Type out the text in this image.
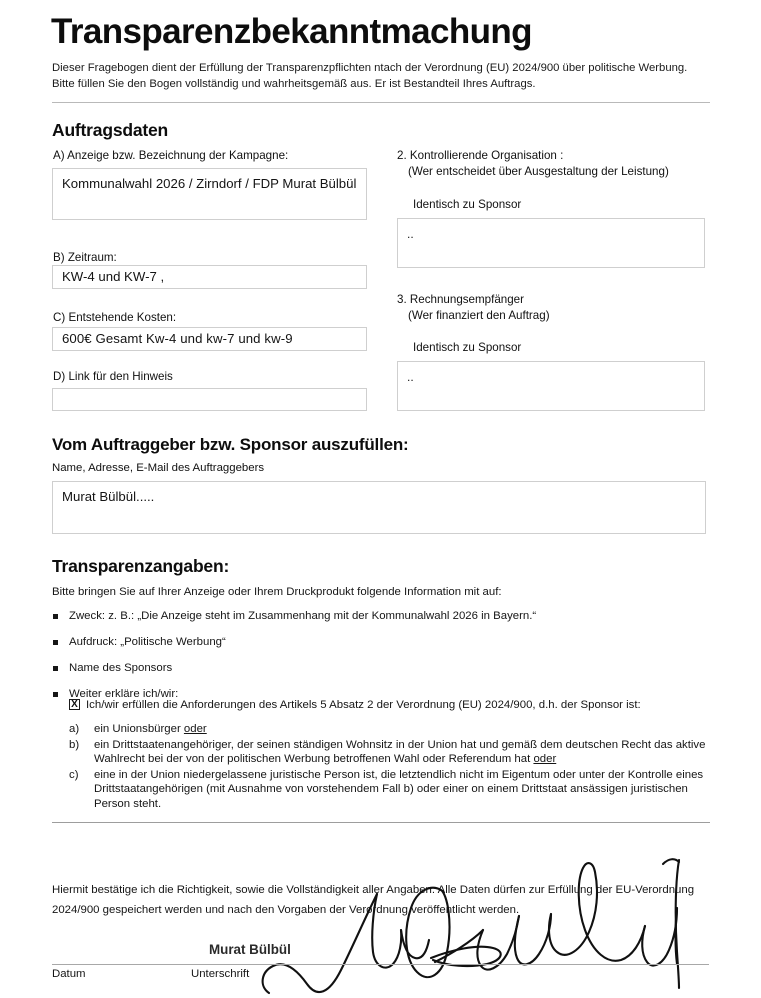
Transparenzbekanntmachung
Dieser Fragebogen dient der Erfüllung der Transparenzpflichten ntach der Verordnung (EU) 2024/900 über politische Werbung. Bitte füllen Sie den Bogen vollständig und wahrheitsgemäß aus. Er ist Bestandteil Ihres Auftrags.
Auftragsdaten
A) Anzeige bzw. Bezeichnung der Kampagne:
Kommunalwahl 2026 / Zirndorf / FDP Murat Bülbül
B) Zeitraum:
KW-4 und KW-7 ,
C) Entstehende Kosten:
600€ Gesamt Kw-4 und kw-7 und kw-9
D) Link für den Hinweis
2. Kontrollierende Organisation :
(Wer entscheidet über Ausgestaltung der Leistung)
Identisch zu Sponsor
..
3. Rechnungsempfänger
(Wer finanziert den Auftrag)
Identisch zu Sponsor
..
Vom Auftraggeber bzw. Sponsor auszufüllen:
Name, Adresse, E-Mail des Auftraggebers
Murat Bülbül.....
Transparenzangaben:
Bitte bringen Sie auf Ihrer Anzeige oder Ihrem Druckprodukt folgende Information mit auf:
Zweck: z. B.: „Die Anzeige steht im Zusammenhang mit der Kommunalwahl 2026 in Bayern.“
Aufdruck: „Politische Werbung“
Name des Sponsors
Weiter erkläre ich/wir:
X Ich/wir erfüllen die Anforderungen des Artikels 5 Absatz 2 der Verordnung (EU) 2024/900, d.h. der Sponsor ist:
a) ein Unionsbürger oder
b) ein Drittstaatenangehöriger, der seinen ständigen Wohnsitz in der Union hat und gemäß dem deutschen Recht das aktive Wahlrecht bei der von der politischen Werbung betroffenen Wahl oder Referendum hat oder
c) eine in der Union niedergelassene juristische Person ist, die letztendlich nicht im Eigentum oder unter der Kontrolle eines Drittstaatangehörigen (mit Ausnahme von vorstehendem Fall b) oder einer on einem Drittstaat ansässigen juristischen Person steht.
Hiermit bestätige ich die Richtigkeit, sowie die Vollständigkeit aller Angaben. Alle Daten dürfen zur Erfüllung der EU-Verordnung 2024/900 gespeichert werden und nach den Vorgaben der Verordnung veröffentlicht werden.
Murat Bülbül
Datum	Unterschrift
